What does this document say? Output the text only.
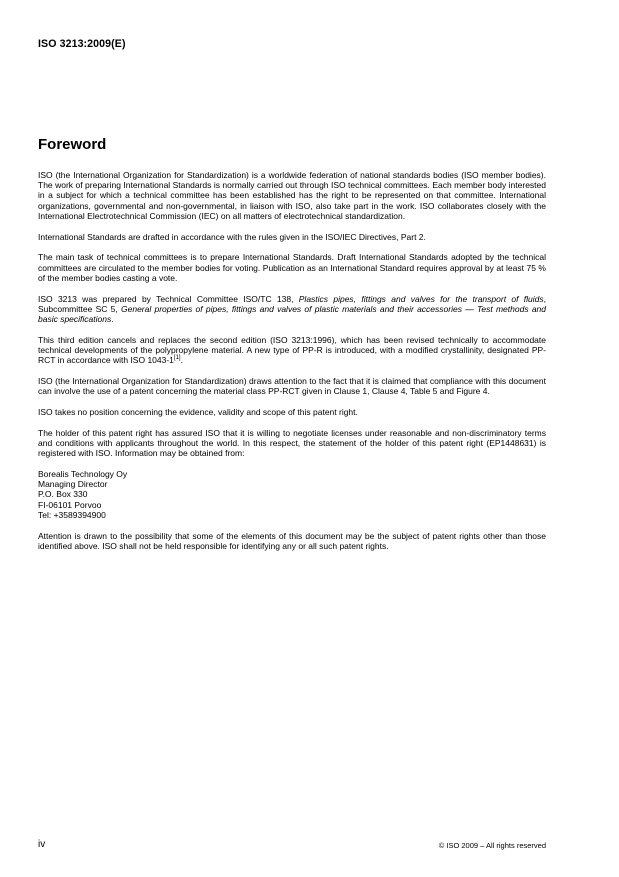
ISO 3213:2009(E)
Foreword

ISO (the International Organization for Standardization) is a worldwide federation of national standards bodies (ISO member bodies). The work of preparing International Standards is normally carried out through ISO technical committees. Each member body interested in a subject for which a technical committee has been established has the right to be represented on that committee. International organizations, governmental and non-governmental, in liaison with ISO, also take part in the work. ISO collaborates closely with the International Electrotechnical Commission (IEC) on all matters of electrotechnical standardization.

International Standards are drafted in accordance with the rules given in the ISO/IEC Directives, Part 2.

The main task of technical committees is to prepare International Standards. Draft International Standards adopted by the technical committees are circulated to the member bodies for voting. Publication as an International Standard requires approval by at least 75 % of the member bodies casting a vote.

ISO 3213 was prepared by Technical Committee ISO/TC 138, Plastics pipes, fittings and valves for the transport of fluids, Subcommittee SC 5, General properties of pipes, fittings and valves of plastic materials and their accessories — Test methods and basic specifications.

This third edition cancels and replaces the second edition (ISO 3213:1996), which has been revised technically to accommodate technical developments of the polypropylene material. A new type of PP-R is introduced, with a modified crystallinity, designated PP-RCT in accordance with ISO 1043-1[1].

ISO (the International Organization for Standardization) draws attention to the fact that it is claimed that compliance with this document can involve the use of a patent concerning the material class PP-RCT given in Clause 1, Clause 4, Table 5 and Figure 4.

ISO takes no position concerning the evidence, validity and scope of this patent right.

The holder of this patent right has assured ISO that it is willing to negotiate licenses under reasonable and non-discriminatory terms and conditions with applicants throughout the world. In this respect, the statement of the holder of this patent right (EP1448631) is registered with ISO. Information may be obtained from:

Borealis Technology Oy
Managing Director
P.O. Box 330
FI-06101 Porvoo
Tel: +3589394900

Attention is drawn to the possibility that some of the elements of this document may be the subject of patent rights other than those identified above. ISO shall not be held responsible for identifying any or all such patent rights.

iv	© ISO 2009 – All rights reserved
